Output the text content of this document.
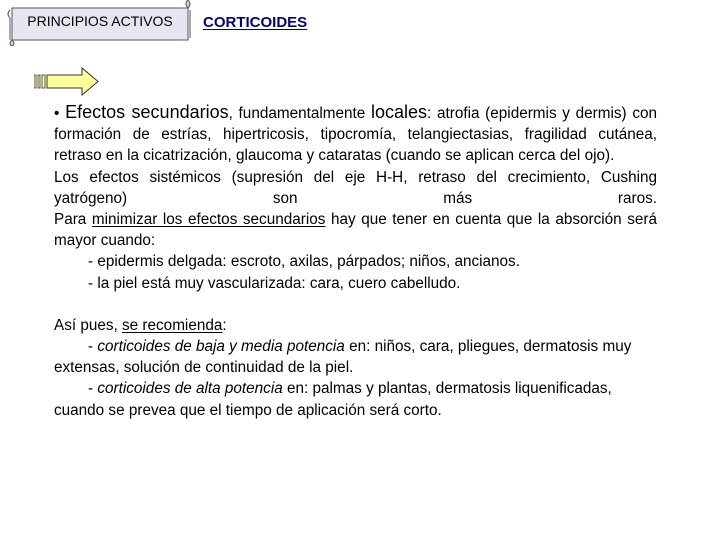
PRINCIPIOS ACTIVOS	CORTICOIDES

• Efectos secundarios, fundamentalmente locales: atrofia (epidermis y dermis) con formación de estrías, hipertricosis, tipocromía, telangiectasias, fragilidad cutánea, retraso en la cicatrización, glaucoma y cataratas (cuando se aplican cerca del ojo).

Los efectos sistémicos (supresión del eje H-H, retraso del crecimiento, Cushing yatrógeno) son más raros.

Para minimizar los efectos secundarios hay que tener en cuenta que la absorción será mayor cuando:

- epidermis delgada: escroto, axilas, párpados; niños, ancianos.

- la piel está muy vascularizada: cara, cuero cabelludo.

Así pues, se recomienda:

- corticoides de baja y media potencia en: niños, cara, pliegues, dermatosis muy extensas, solución de continuidad de la piel.

- corticoides de alta potencia en: palmas y plantas, dermatosis liquenificadas, cuando se prevea que el tiempo de aplicación será corto.
